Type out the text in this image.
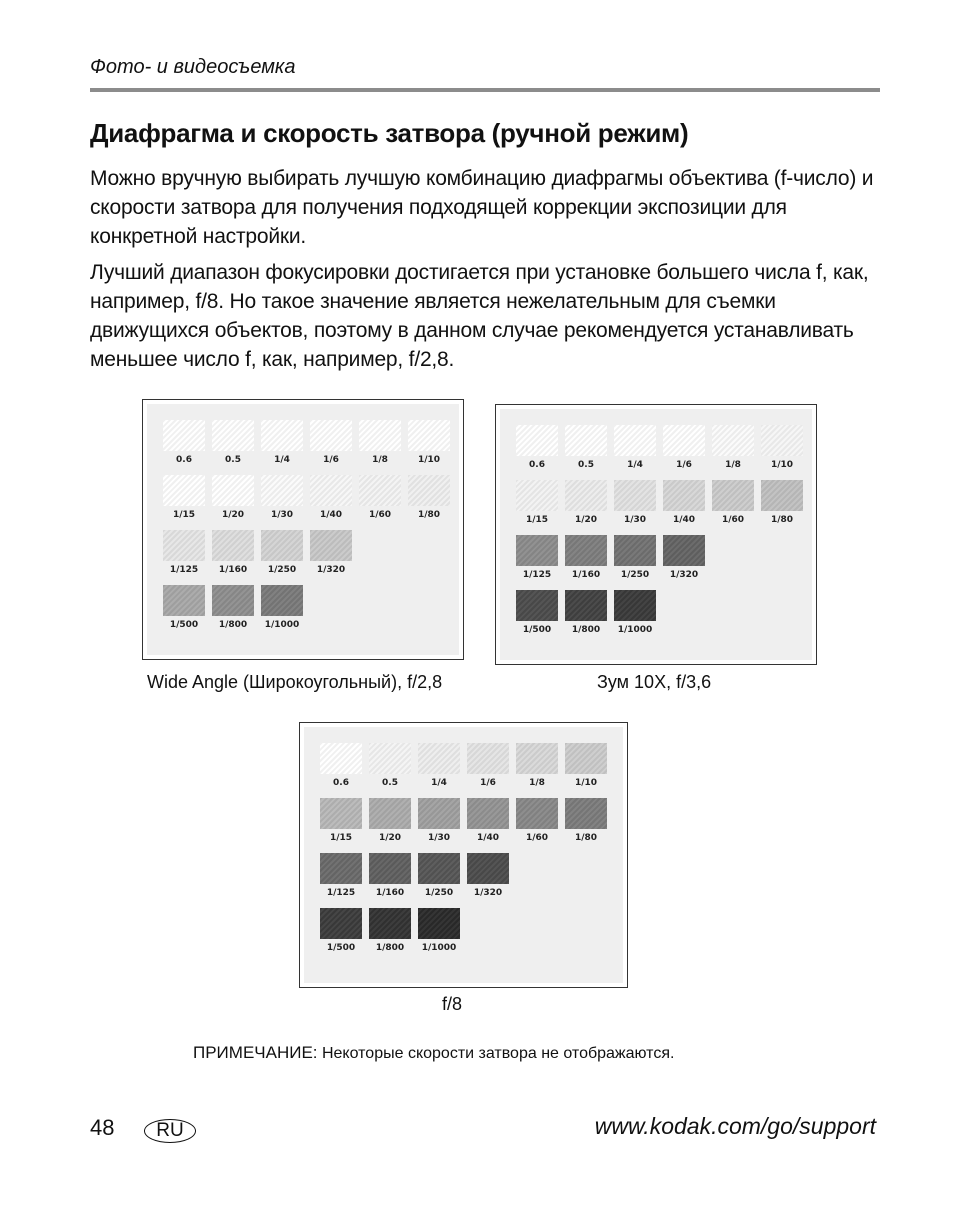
Фото- и видеосъемка
Диафрагма и скорость затвора (ручной режим)

Можно вручную выбирать лучшую комбинацию диафрагмы объектива (f-число) и скорости затвора для получения подходящей коррекции экспозиции для конкретной настройки.

Лучший диапазон фокусировки достигается при установке большего числа f, как, например, f/8. Но такое значение является нежелательным для съемки движущихся объектов, поэтому в данном случае рекомендуется устанавливать меньшее число f, как, например, f/2,8.

0.6	0.5	1/4	1/6	1/8	1/10
1/15	1/20	1/30	1/40	1/60	1/80
1/125	1/160	1/250	1/320
1/500	1/800	1/1000
Wide Angle (Широкоугольный), f/2,8
0.6	0.5	1/4	1/6	1/8	1/10
1/15	1/20	1/30	1/40	1/60	1/80
1/125	1/160	1/250	1/320
1/500	1/800	1/1000
Зум 10X, f/3,6
0.6	0.5	1/4	1/6	1/8	1/10
1/15	1/20	1/30	1/40	1/60	1/80
1/125	1/160	1/250	1/320
1/500	1/800	1/1000
f/8
ПРИМЕЧАНИЕ: Некоторые скорости затвора не отображаются.
48 RU	www.kodak.com/go/support
